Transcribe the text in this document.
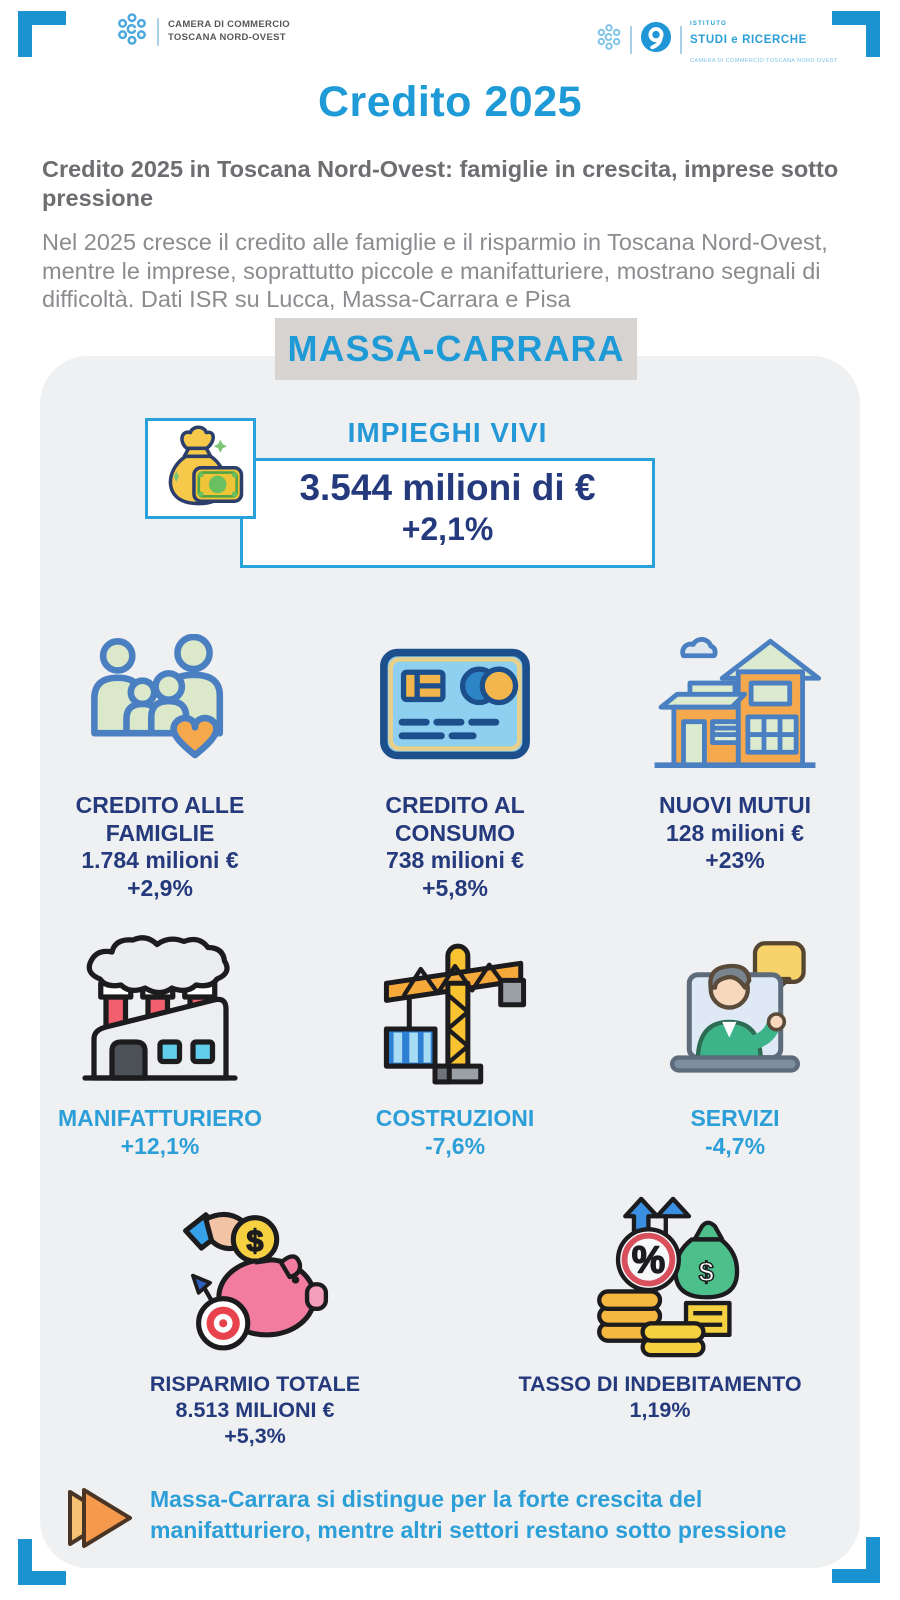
CAMERA DI COMMERCIO
TOSCANA NORD-OVEST
ISTITUTO
STUDI e RICERCHE
CAMERA DI COMMERCIO TOSCANA NORD-OVEST
Credito 2025
Credito 2025 in Toscana Nord-Ovest: famiglie in crescita, imprese sotto pressione
Nel 2025 cresce il credito alle famiglie e il risparmio in Toscana Nord-Ovest, mentre le imprese, soprattutto piccole e manifatturiere, mostrano segnali di difficoltà. Dati ISR su Lucca, Massa-Carrara e Pisa
MASSA-CARRARA
IMPIEGHI VIVI
3.544 milioni di €
+2,1%
CREDITO ALLE FAMIGLIE
1.784 milioni €
+2,9%
CREDITO AL CONSUMO
738 milioni €
+5,8%
NUOVI MUTUI
128 milioni €
+23%
MANIFATTURIERO
+12,1%
COSTRUZIONI
-7,6%
SERVIZI
-4,7%
$
RISPARMIO TOTALE
8.513 MILIONI €
+5,3%
$
%
TASSO DI INDEBITAMENTO
1,19%
Massa-Carrara si distingue per la forte crescita del manifatturiero, mentre altri settori restano sotto pressione
